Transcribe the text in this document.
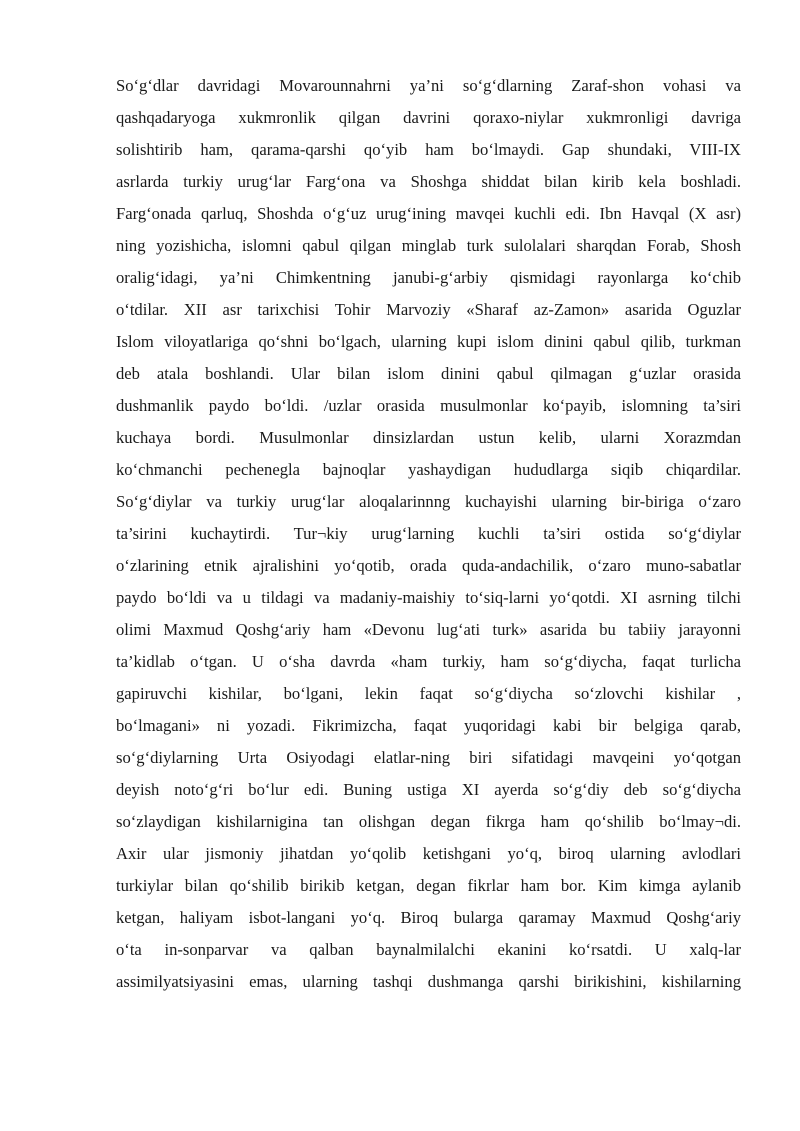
So‘g‘dlar davridagi Movarounnahrni ya’ni so‘g‘dlarning Zaraf-shon vohasi va
qashqadaryoga xukmronlik qilgan davrini qoraxo-niylar xukmronligi davriga
solishtirib ham, qarama-qarshi qo‘yib ham bo‘lmaydi. Gap shundaki, VIII-IX
asrlarda turkiy urug‘lar Farg‘ona va Shoshga shiddat bilan kirib kela boshladi.
Farg‘onada qarluq, Shoshda o‘g‘uz urug‘ining mavqei kuchli edi. Ibn Havqal (X asr)
ning yozishicha, islomni qabul qilgan minglab turk sulolalari sharqdan Forab, Shosh
oralig‘idagi, ya’ni Chimkentning janubi-g‘arbiy qismidagi rayonlarga ko‘chib
o‘tdilar. XII asr tarixchisi Tohir Marvoziy «Sharaf az-Zamon» asarida Oguzlar
Islom viloyatlariga qo‘shni bo‘lgach, ularning kupi islom dinini qabul qilib, turkman
deb atala boshlandi. Ular bilan islom dinini qabul qilmagan g‘uzlar orasida
dushmanlik paydo bo‘ldi. /uzlar orasida musulmonlar ko‘payib, islomning ta’siri
kuchaya bordi. Musulmonlar dinsizlardan ustun kelib, ularni Xorazmdan
ko‘chmanchi pechenegla bajnoqlar yashaydigan hududlarga siqib chiqardilar.
So‘g‘diylar va turkiy urug‘lar aloqalarinnng kuchayishi ularning bir-biriga o‘zaro
ta’sirini kuchaytirdi. Tur¬kiy urug‘larning kuchli ta’siri ostida so‘g‘diylar
o‘zlarining etnik ajralishini yo‘qotib, orada quda-andachilik, o‘zaro muno-sabatlar
paydo bo‘ldi va u tildagi va madaniy-maishiy to‘siq-larni yo‘qotdi. XI asrning tilchi
olimi Maxmud Qoshg‘ariy ham «Devonu lug‘ati turk» asarida bu tabiiy jarayonni
ta’kidlab o‘tgan. U o‘sha davrda «ham turkiy, ham so‘g‘diycha, faqat turlicha
gapiruvchi kishilar, bo‘lgani, lekin faqat so‘g‘diycha so‘zlovchi kishilar ,
bo‘lmagani» ni yozadi. Fikrimizcha, faqat yuqoridagi kabi bir belgiga qarab,
so‘g‘diylarning Urta Osiyodagi elatlar-ning biri sifatidagi mavqeini yo‘qotgan
deyish noto‘g‘ri bo‘lur edi. Buning ustiga XI ayerda so‘g‘diy deb so‘g‘diycha
so‘zlaydigan kishilarnigina tan olishgan degan fikrga ham qo‘shilib bo‘lmay¬di.
Axir ular jismoniy jihatdan yo‘qolib ketishgani yo‘q, biroq ularning avlodlari
turkiylar bilan qo‘shilib birikib ketgan, degan fikrlar ham bor. Kim kimga aylanib
ketgan, haliyam isbot-langani yo‘q. Biroq bularga qaramay Maxmud Qoshg‘ariy
o‘ta in-sonparvar va qalban baynalmilalchi ekanini ko‘rsatdi. U xalq-lar
assimilyatsiyasini emas, ularning tashqi dushmanga qarshi birikishini, kishilarning
